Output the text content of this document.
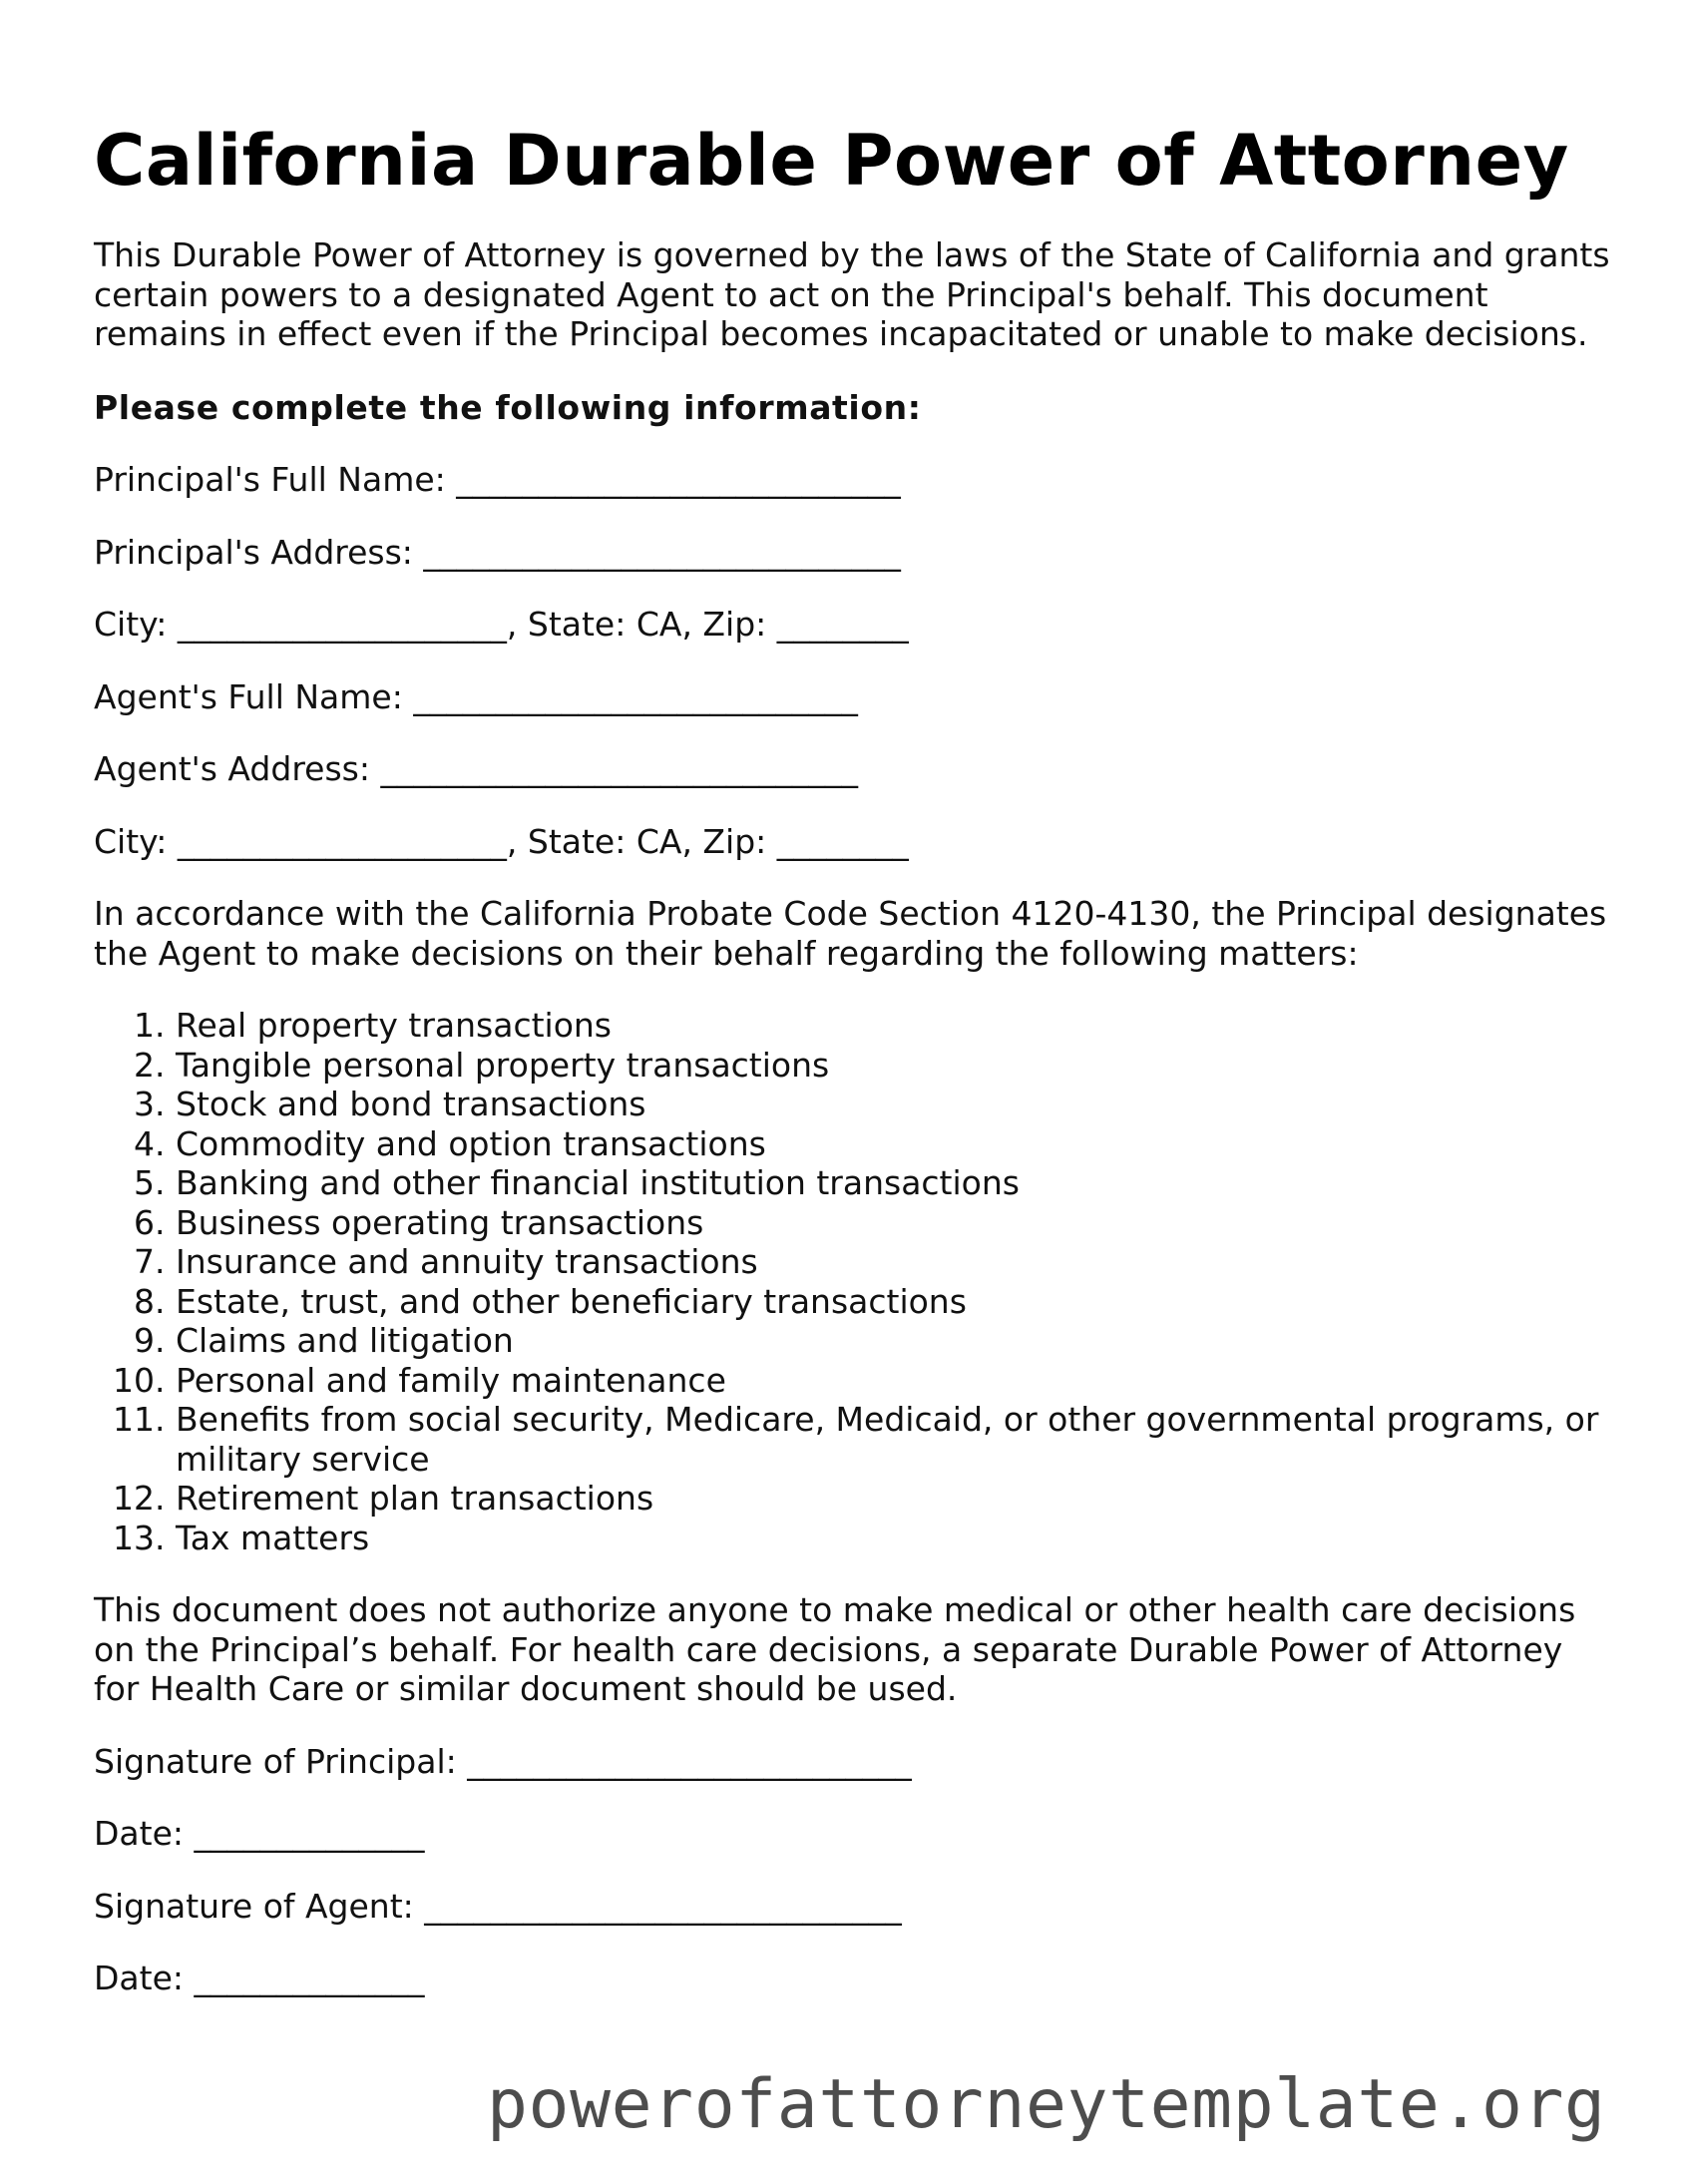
California Durable Power of Attorney

This Durable Power of Attorney is governed by the laws of the State of California and grants certain powers to a designated Agent to act on the Principal's behalf. This document remains in effect even if the Principal becomes incapacitated or unable to make decisions.

Please complete the following information:

Principal's Full Name: ___________________________

Principal's Address: _____________________________

City: ____________________, State: CA, Zip: ________

Agent's Full Name: ___________________________

Agent's Address: _____________________________

City: ____________________, State: CA, Zip: ________

In accordance with the California Probate Code Section 4120-4130, the Principal designates the Agent to make decisions on their behalf regarding the following matters:

1. Real property transactions
2. Tangible personal property transactions
3. Stock and bond transactions
4. Commodity and option transactions
5. Banking and other financial institution transactions
6. Business operating transactions
7. Insurance and annuity transactions
8. Estate, trust, and other beneficiary transactions
9. Claims and litigation
10. Personal and family maintenance
11. Benefits from social security, Medicare, Medicaid, or other governmental programs, or military service
12. Retirement plan transactions
13. Tax matters

This document does not authorize anyone to make medical or other health care decisions on the Principal’s behalf. For health care decisions, a separate Durable Power of Attorney for Health Care or similar document should be used.

Signature of Principal: ___________________________

Date: ______________

Signature of Agent: _____________________________

Date: ______________

powerofattorneytemplate.org
